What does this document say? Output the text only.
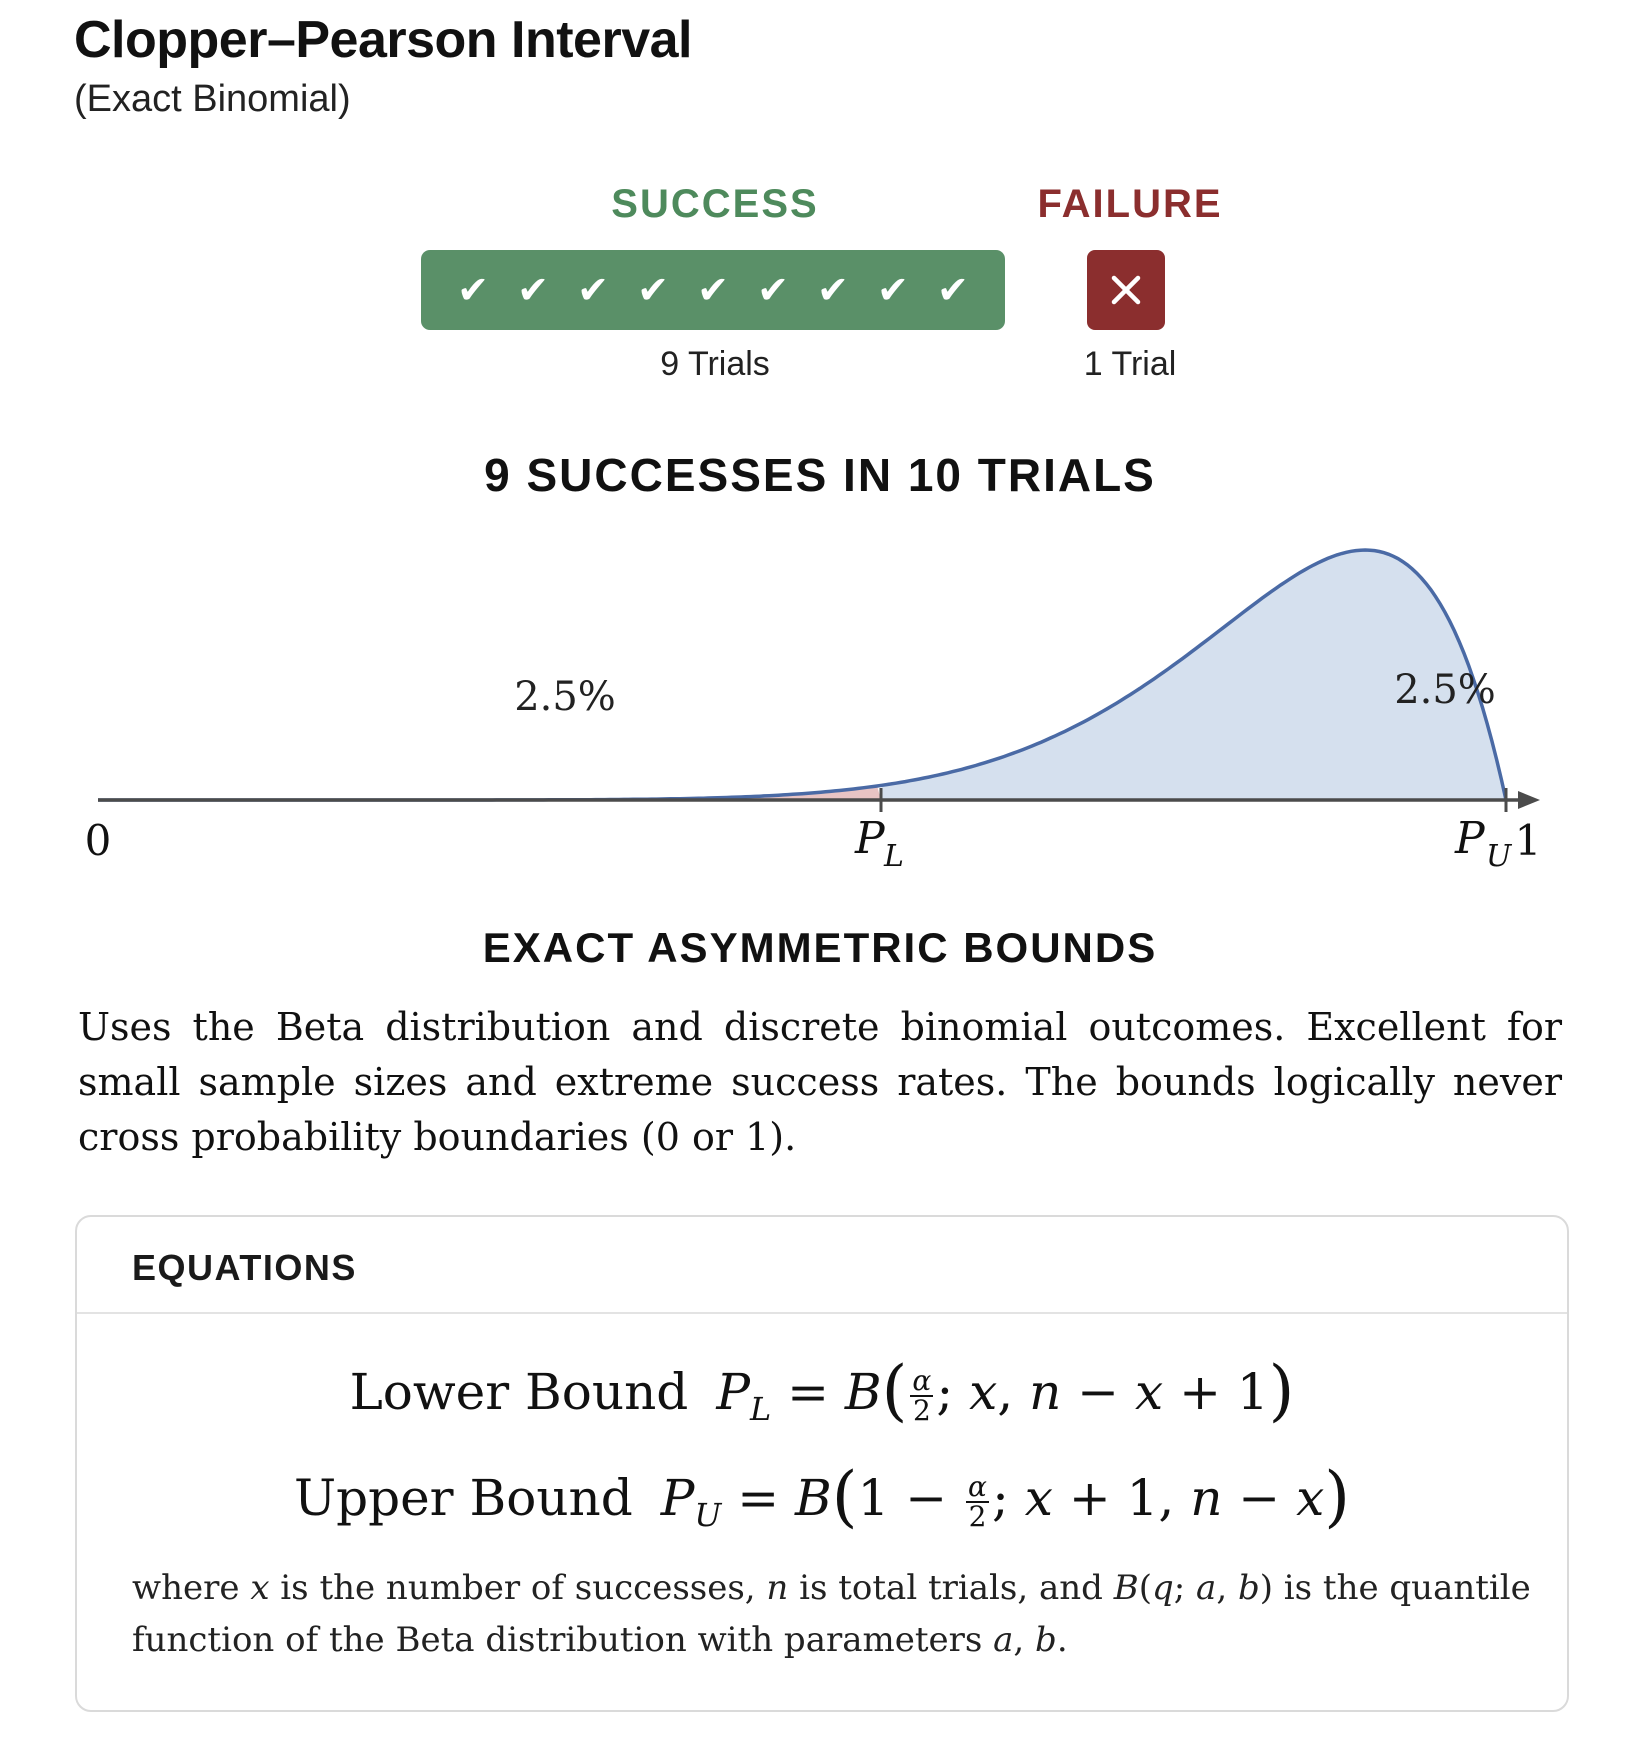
Clopper–Pearson Interval
(Exact Binomial)
SUCCESS	FAILURE
✔ ✔ ✔ ✔ ✔ ✔ ✔ ✔ ✔
9 Trials	1 Trial
9 SUCCESSES IN 10 TRIALS
0	1
P L	P U
2.5%	2.5%
EXACT ASYMMETRIC BOUNDS
Uses the Beta distribution and discrete binomial outcomes. Excellent for small sample sizes and extreme success rates. The bounds logically never cross probability boundaries (0 or 1).
EQUATIONS
Lower Bound $P_L = B( \frac{\alpha}{2}$ ; x, n − x + 1)
Upper Bound $P_U = B(1 - \frac{\alpha}{2}$ ; x + 1, n − x)
where x is the number of successes, n is total trials, and B(q; a, b) is the quantile function of the Beta distribution with parameters a, b.
